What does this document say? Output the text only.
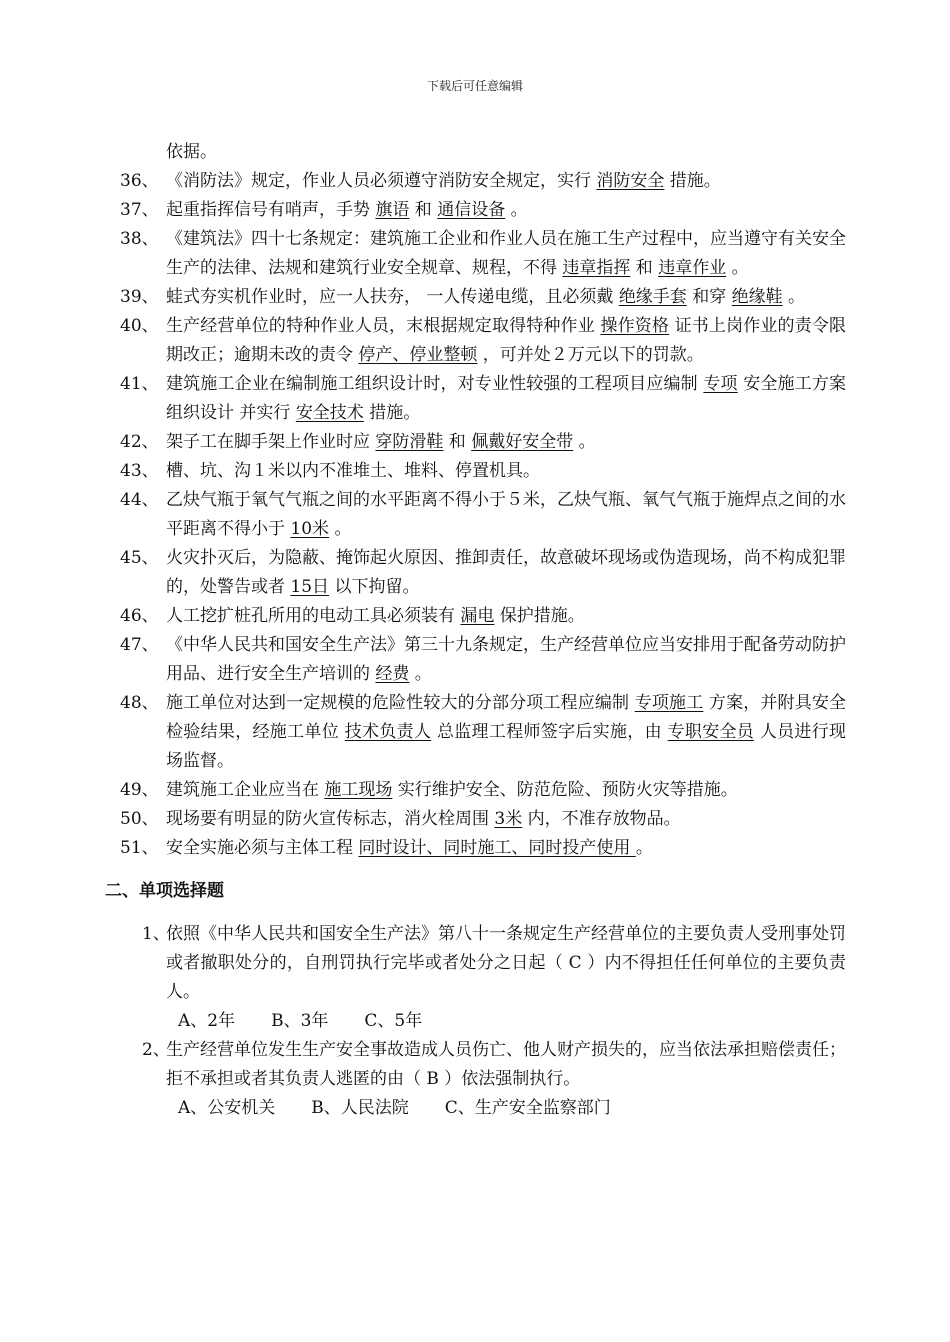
下载后可任意编辑
依据。
36、 《消防法》规定，作业人员必须遵守消防安全规定，实行 消防安全 措施。
37、 起重指挥信号有哨声，手势 旗语 和 通信设备 。
38、 《建筑法》四十七条规定：建筑施工企业和作业人员在施工生产过程中，应当遵守有关安全生产的法律、法规和建筑行业安全规章、规程，不得 违章指挥 和 违章作业 。
39、 蛙式夯实机作业时，应一人扶夯， 一人传递电缆，且必须戴 绝缘手套 和穿 绝缘鞋 。
40、 生产经营单位的特种作业人员，末根据规定取得特种作业 操作资格 证书上岗作业的责令限期改正；逾期未改的责令 停产、停业整顿 ，可并处２万元以下的罚款。
41、 建筑施工企业在编制施工组织设计时，对专业性较强的工程项目应编制 专项 安全施工方案 组织设计 并实行 安全技术 措施。
42、 架子工在脚手架上作业时应 穿防滑鞋 和 佩戴好安全带 。
43、 槽、坑、沟１米以内不准堆土、堆料、停置机具。
44、 乙炔气瓶于氧气气瓶之间的水平距离不得小于５米，乙炔气瓶、氧气气瓶于施焊点之间的水平距离不得小于 10米 。
45、 火灾扑灭后，为隐蔽、掩饰起火原因、推卸责任，故意破坏现场或伪造现场，尚不构成犯罪的，处警告或者 15日 以下拘留。
46、 人工挖扩桩孔所用的电动工具必须装有 漏电 保护措施。
47、 《中华人民共和国安全生产法》第三十九条规定，生产经营单位应当安排用于配备劳动防护用品、进行安全生产培训的 经费 。
48、 施工单位对达到一定规模的危险性较大的分部分项工程应编制 专项施工 方案，并附具安全检验结果，经施工单位 技术负责人 总监理工程师签字后实施，由 专职安全员 人员进行现场监督。
49、 建筑施工企业应当在 施工现场 实行维护安全、防范危险、预防火灾等措施。
50、 现场要有明显的防火宣传标志，消火栓周围 3米 内，不准存放物品。
51、 安全实施必须与主体工程 同时设计、同时施工、同时投产使用 。
二、单项选择题
1、
依照《中华人民共和国安全生产法》第八十一条规定生产经营单位的主要负责人受刑事处罚或者撤职处分的，自刑罚执行完毕或者处分之日起（ C ）内不得担任任何单位的主要负责人。
A、2年 B、3年 C、5年
2、
生产经营单位发生生产安全事故造成人员伤亡、他人财产损失的，应当依法承担赔偿责任；拒不承担或者其负责人逃匿的由（ B ）依法强制执行。
A、公安机关 B、人民法院 C、生产安全监察部门
